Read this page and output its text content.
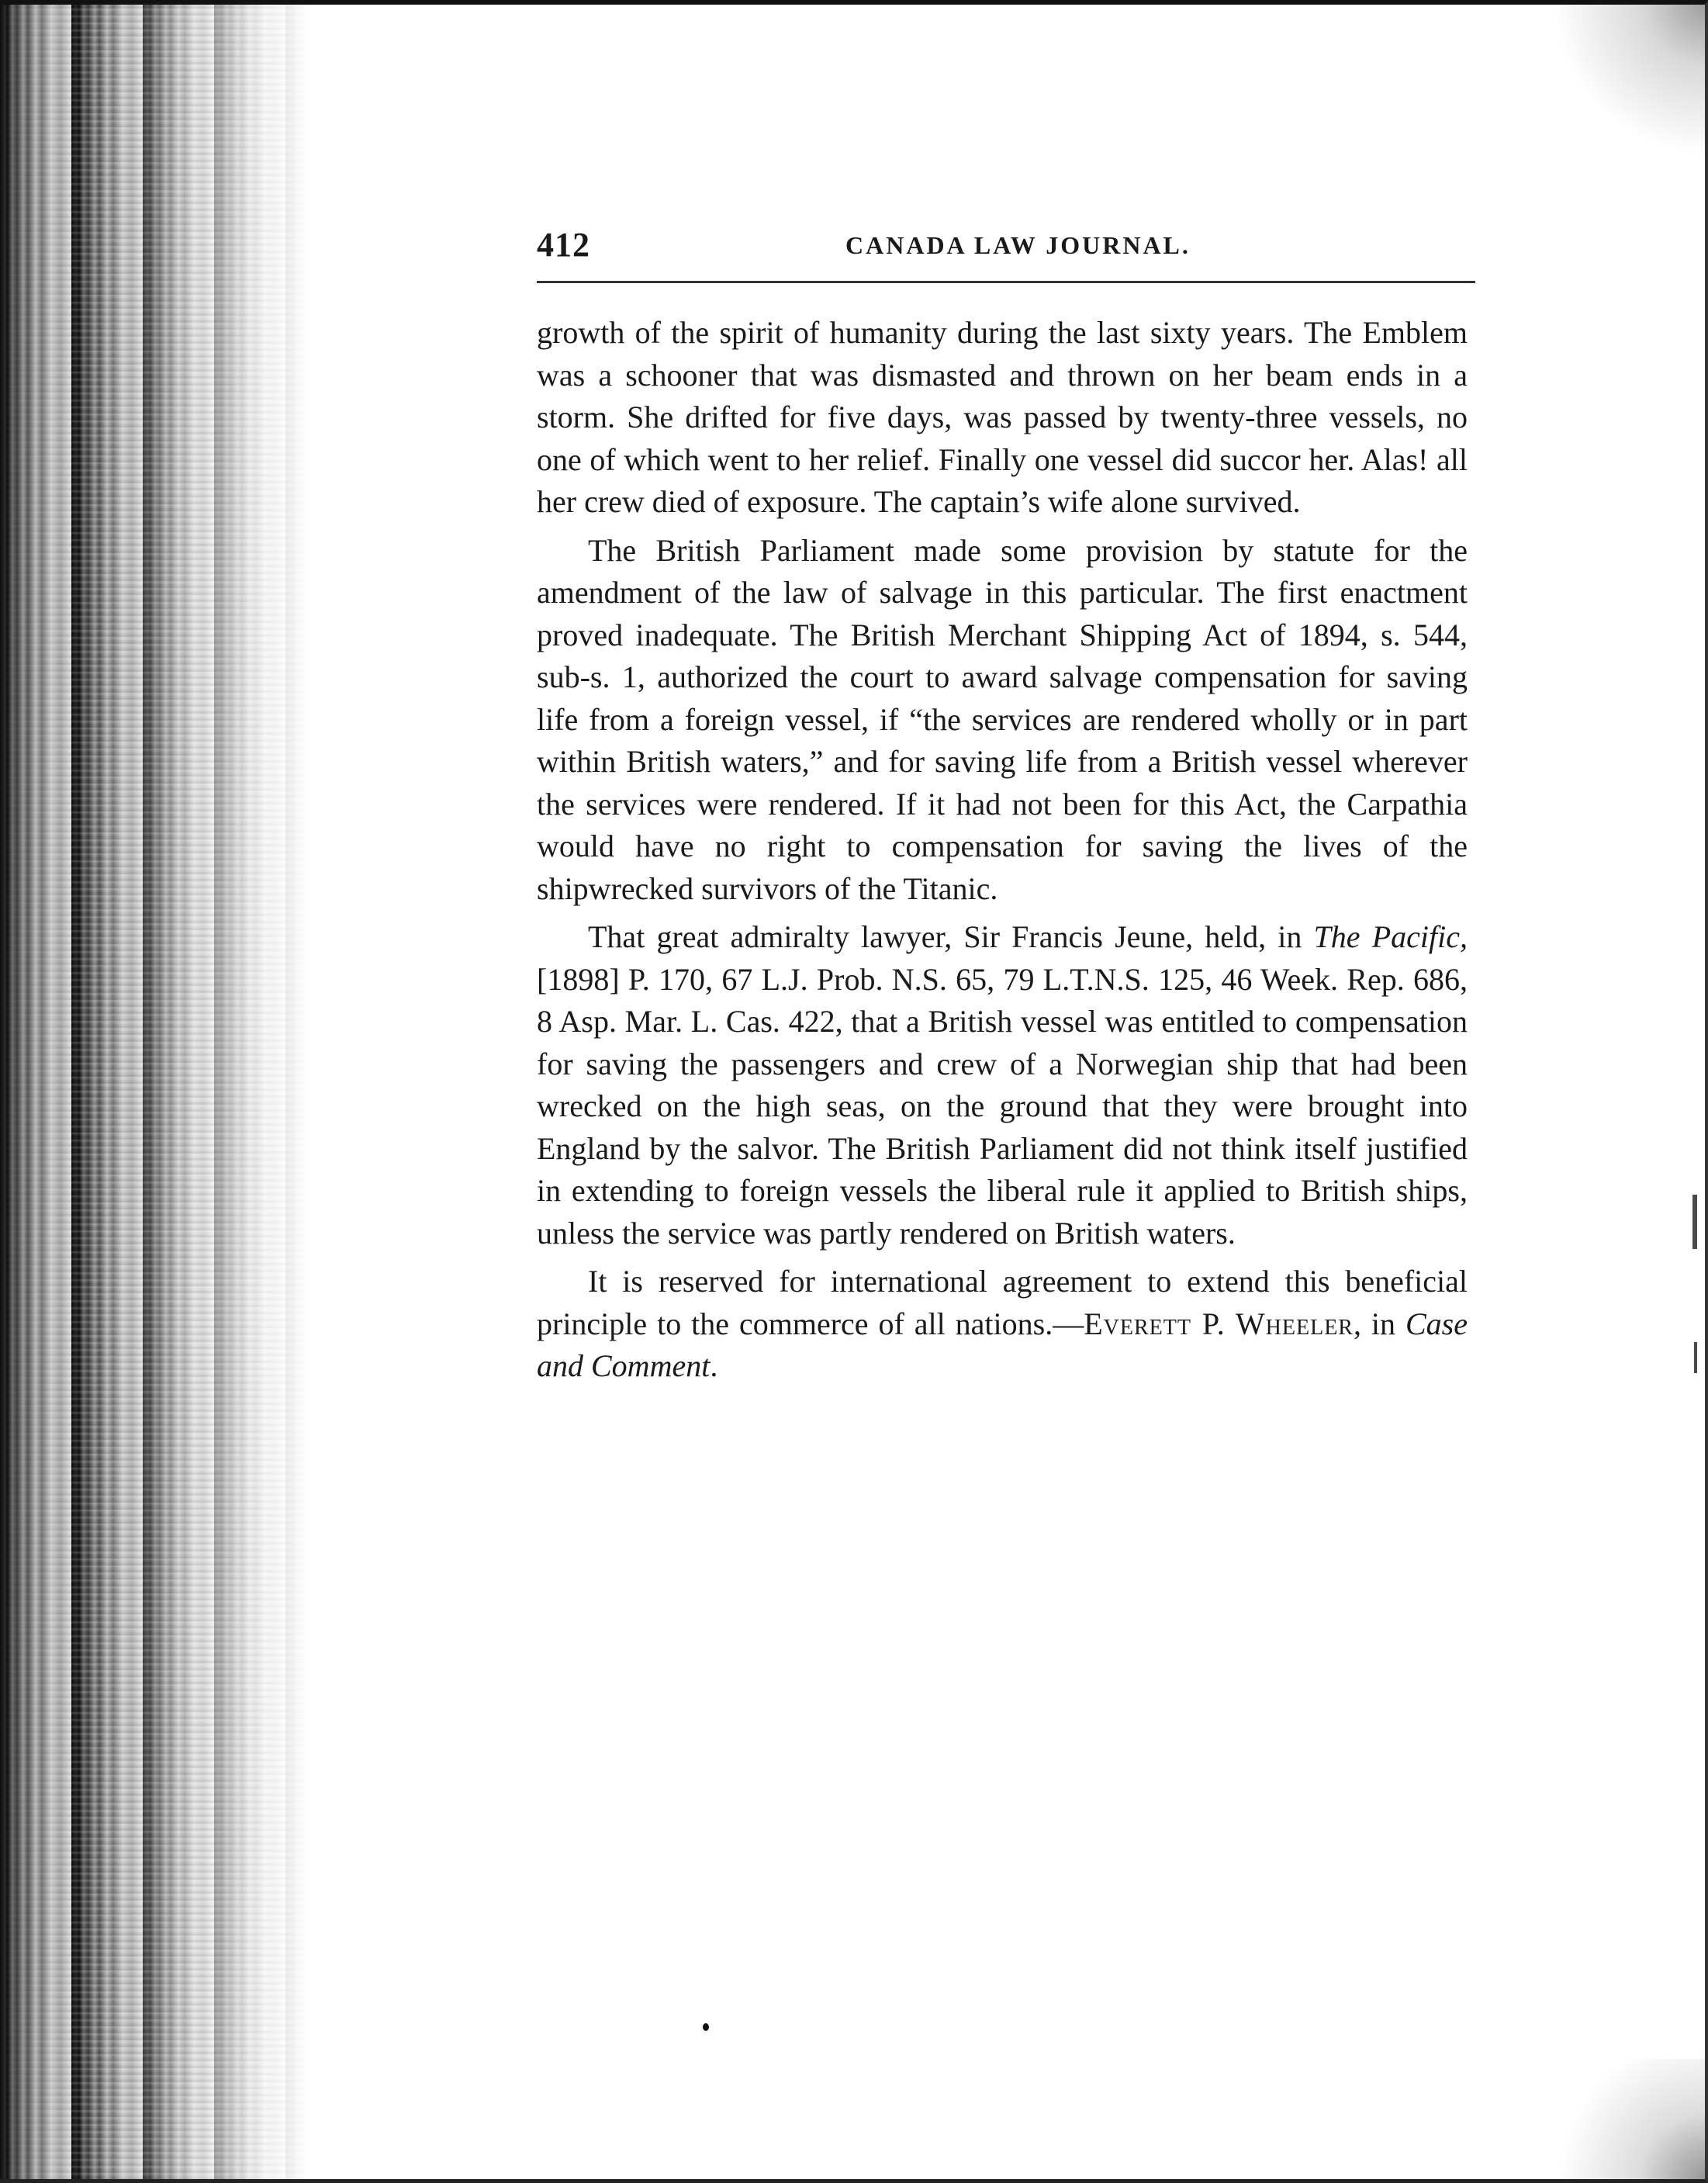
412	CANADA LAW JOURNAL.

growth of the spirit of humanity during the last sixty years. The Emblem was a schooner that was dismasted and thrown on her beam ends in a storm. She drifted for five days, was passed by twenty-three vessels, no one of which went to her relief. Finally one vessel did succor her. Alas! all her crew died of exposure. The captain’s wife alone survived.

The British Parliament made some provision by statute for the amendment of the law of salvage in this particular. The first enactment proved inadequate. The British Merchant Shipping Act of 1894, s. 544, sub-s. 1, authorized the court to award salvage compensation for saving life from a foreign vessel, if “the services are rendered wholly or in part within British waters,” and for saving life from a British vessel wherever the services were rendered. If it had not been for this Act, the Carpathia would have no right to compensation for saving the lives of the shipwrecked survivors of the Titanic.

That great admiralty lawyer, Sir Francis Jeune, held, in The Pacific, [1898] P. 170, 67 L.J. Prob. N.S. 65, 79 L.T.N.S. 125, 46 Week. Rep. 686, 8 Asp. Mar. L. Cas. 422, that a British vessel was entitled to compensation for saving the passengers and crew of a Norwegian ship that had been wrecked on the high seas, on the ground that they were brought into England by the salvor. The British Parliament did not think itself justified in extending to foreign vessels the liberal rule it applied to British ships, unless the service was partly rendered on British waters.

It is reserved for international agreement to extend this beneficial principle to the commerce of all nations.—Everett P. Wheeler, in Case and Comment.
